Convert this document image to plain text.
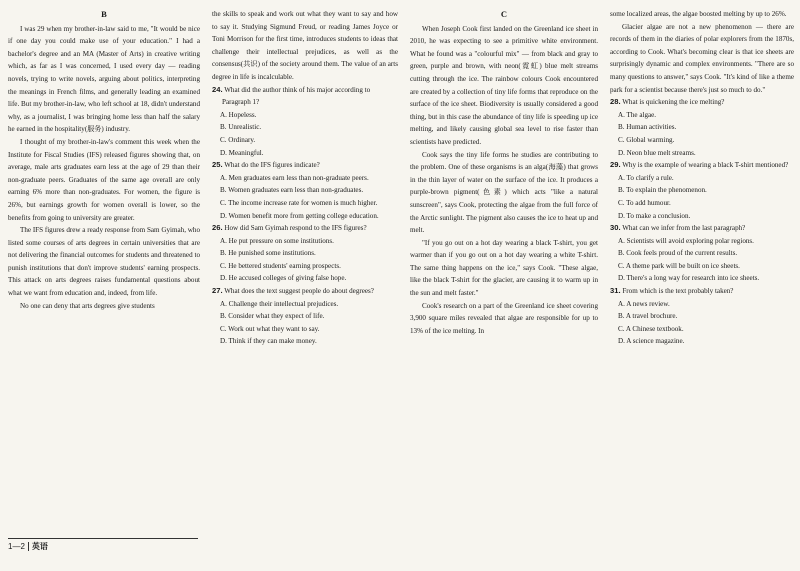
B

I was 29 when my brother-in-law said to me, "It would be nice if one day you could make use of your education." I had a bachelor's degree and an MA (Master of Arts) in creative writing which, as far as I was concerned, I used every day — reading novels, trying to write novels, arguing about politics, interpreting the meanings in French films, and generally leading an examined life. But my brother-in-law, who left school at 18, didn't understand why, as a journalist, I was bringing home less than half the salary he earned in the hospitality(服务) industry.

I thought of my brother-in-law's comment this week when the Institute for Fiscal Studies (IFS) released figures showing that, on average, male arts graduates earn less at the age of 29 than their non-graduate peers. Graduates of the same age overall are only earning 6% more than non-graduates. For women, the figure is 26%, but earnings growth for women overall is lower, so the benefits from going to university are greater.

The IFS figures drew a ready response from Sam Gyimah, who listed some courses of arts degrees in certain universities that are not delivering the financial outcomes for students and threatened to punish institutions that don't improve students' earning prospects. This attack on arts degrees raises fundamental questions about what we want from education and, indeed, from life.

No one can deny that arts degrees give students

the skills to speak and work out what they want to say and how to say it. Studying Sigmund Freud, or reading James Joyce or Toni Morrison for the first time, introduces students to ideas that challenge their intellectual prejudices, as well as the consensus(共识) of the society around them. The value of an arts degree in life is incalculable.

24. What did the author think of his major according to Paragraph 1?
A. Hopeless.
B. Unrealistic.
C. Ordinary.
D. Meaningful.
25. What do the IFS figures indicate?
A. Men graduates earn less than non-graduate peers.
B. Women graduates earn less than non-graduates.
C. The income increase rate for women is much higher.
D. Women benefit more from getting college education.
26. How did Sam Gyimah respond to the IFS figures?
A. He put pressure on some institutions.
B. He punished some institutions.
C. He bettered students' earning prospects.
D. He accused colleges of giving false hope.
27. What does the text suggest people do about degrees?
A. Challenge their intellectual prejudices.
B. Consider what they expect of life.
C. Work out what they want to say.
D. Think if they can make money.
C

When Joseph Cook first landed on the Greenland ice sheet in 2010, he was expecting to see a primitive white environment. What he found was a "colourful mix" — from black and gray to green, purple and brown, with neon(霓虹) blue melt streams cutting through the ice. The rainbow colours Cook encountered are created by a collection of tiny life forms that reproduce on the surface of the ice sheet. Biodiversity is usually considered a good thing, but in this case the abundance of tiny life is speeding up ice melting, and likely causing global sea level to rise faster than scientists have predicted.

Cook says the tiny life forms he studies are contributing to the problem. One of these organisms is an alga(海藻) that grows in the thin layer of water on the surface of the ice. It produces a purple-brown pigment(色素) which acts "like a natural sunscreen", says Cook, protecting the algae from the full force of the Arctic sunlight. The pigment also causes the ice to heat up and melt.

"If you go out on a hot day wearing a black T-shirt, you get warmer than if you go out on a hot day wearing a white T-shirt. The same thing happens on the ice," says Cook. "These algae, like the black T-shirt for the glacier, are causing it to warm up in the sun and melt faster."

Cook's research on a part of the Greenland ice sheet covering 3,900 square miles revealed that algae are responsible for up to 13% of the ice melting. In

some localized areas, the algae boosted melting by up to 26%.

Glacier algae are not a new phenomenon — there are records of them in the diaries of polar explorers from the 1870s, according to Cook. What's becoming clear is that ice sheets are surprisingly dynamic and complex environments. "There are so many questions to answer," says Cook. "It's kind of like a theme park for a scientist because there's just so much to do."

28. What is quickening the ice melting?
A. The algae.
B. Human activities.
C. Global warming.
D. Neon blue melt streams.
29. Why is the example of wearing a black T-shirt mentioned?
A. To clarify a rule.
B. To explain the phenomenon.
C. To add humour.
D. To make a conclusion.
30. What can we infer from the last paragraph?
A. Scientists will avoid exploring polar regions.
B. Cook feels proud of the current results.
C. A theme park will be built on ice sheets.
D. There's a long way for research into ice sheets.
31. From which is the text probably taken?
A. A news review.
B. A travel brochure.
C. A Chinese textbook.
D. A science magazine.
1—2 英语
